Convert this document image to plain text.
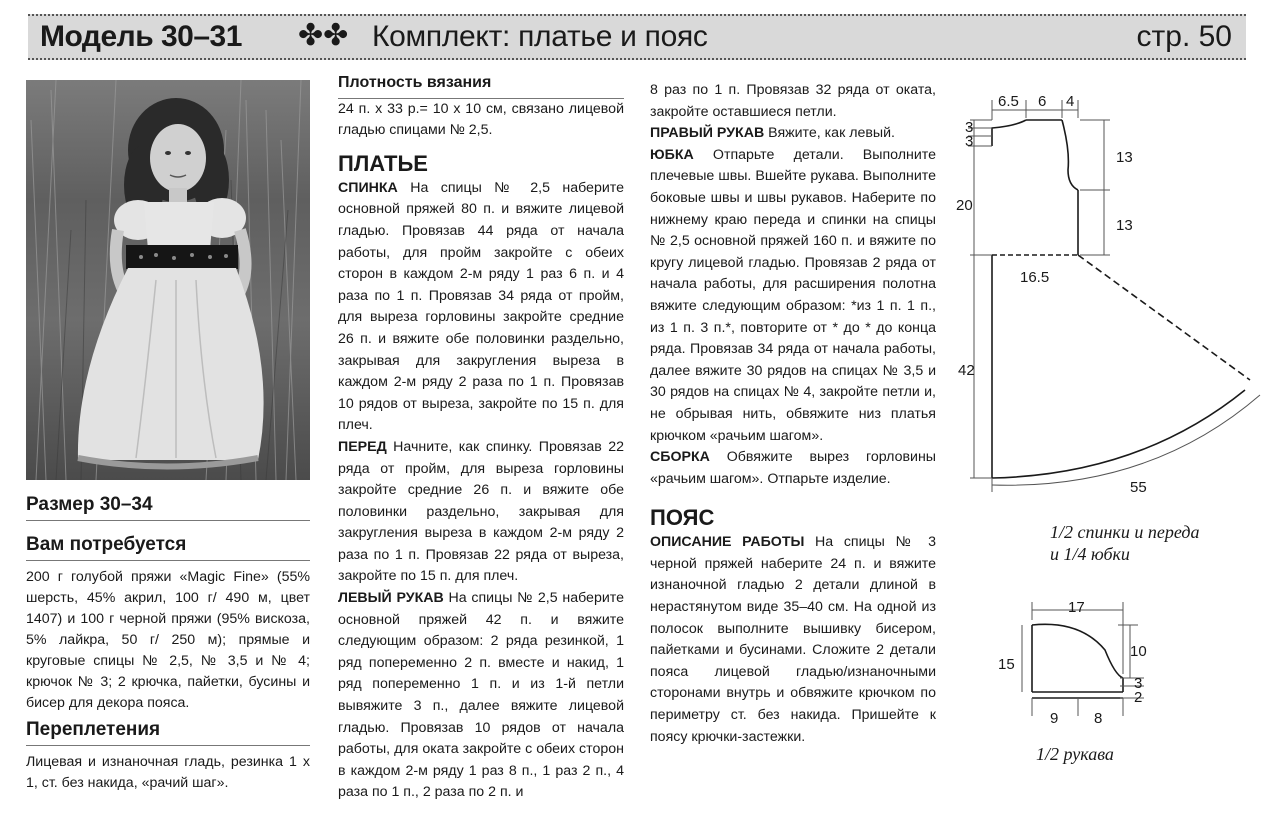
Модель 30–31 ✤✤ Комплект: платье и пояс	стр. 50

Размер 30–34

Вам потребуется

200 г голубой пряжи «Magic Fine» (55% шерсть, 45% акрил, 100 г/ 490 м, цвет 1407) и 100 г черной пряжи (95% вискоза, 5% лайкра, 50 г/ 250 м); прямые и круговые спицы № 2,5, № 3,5 и № 4; крючок № 3; 2 крючка, пайетки, бусины и бисер для декора пояса.

Переплетения

Лицевая и изнаночная гладь, резинка 1 х 1, ст. без накида, «рачий шаг».

Плотность вязания

24 п. х 33 р.= 10 х 10 см, связано лицевой гладью спицами № 2,5.

ПЛАТЬЕ

СПИНКА На спицы № 2,5 наберите основной пряжей 80 п. и вяжите лицевой гладью. Провязав 44 ряда от начала работы, для пройм закройте с обеих сторон в каждом 2-м ряду 1 раз 6 п. и 4 раза по 1 п. Провязав 34 ряда от пройм, для выреза горловины закройте средние 26 п. и вяжите обе половинки раздельно, закрывая для закругления выреза в каждом 2-м ряду 2 раза по 1 п. Провязав 10 рядов от выреза, закройте по 15 п. для плеч.

ПЕРЕД Начните, как спинку. Провязав 22 ряда от пройм, для выреза горловины закройте средние 26 п. и вяжите обе половинки раздельно, закрывая для закругления выреза в каждом 2-м ряду 2 раза по 1 п. Провязав 22 ряда от выреза, закройте по 15 п. для плеч.

ЛЕВЫЙ РУКАВ На спицы № 2,5 наберите основной пряжей 42 п. и вяжите следующим образом: 2 ряда резинкой, 1 ряд попеременно 2 п. вместе и накид, 1 ряд попеременно 1 п. и из 1-й петли вывяжите 3 п., далее вяжите лицевой гладью. Провязав 10 рядов от начала работы, для оката закройте с обеих сторон в каждом 2-м ряду 1 раз 8 п., 1 раз 2 п., 4 раза по 1 п., 2 раза по 2 п. и

8 раз по 1 п. Провязав 32 ряда от оката, закройте оставшиеся петли.

ПРАВЫЙ РУКАВ Вяжите, как левый.

ЮБКА Отпарьте детали. Выполните плечевые швы. Вшейте рукава. Выполните боковые швы и швы рукавов. Наберите по нижнему краю переда и спинки на спицы № 2,5 основной пряжей 160 п. и вяжите по кругу лицевой гладью. Провязав 2 ряда от начала работы, для расширения полотна вяжите следующим образом: *из 1 п. 1 п., из 1 п. 3 п.*, повторите от * до * до конца ряда. Провязав 34 ряда от начала работы, далее вяжите 30 рядов на спицах № 3,5 и 30 рядов на спицах № 4, закройте петли и, не обрывая нить, обвяжите низ платья крючком «рачьим шагом».

СБОРКА Обвяжите вырез горловины «рачьим шагом». Отпарьте изделие.

ПОЯС

ОПИСАНИЕ РАБОТЫ На спицы № 3 черной пряжей наберите 24 п. и вяжите изнаночной гладью 2 детали длиной в нерастянутом виде 35–40 см. На одной из полосок выполните вышивку бисером, пайетками и бусинами. Сложите 2 детали пояса лицевой гладью/изнаночными сторонами внутрь и обвяжите крючком по периметру ст. без накида. Пришейте к поясу крючки-застежки.

6.5 6 4
3
3
13
13
20
16.5
42
55
1/2 спинки и переда
и 1/4 юбки
17
15
10
3
2
9 8
1/2 рукава
